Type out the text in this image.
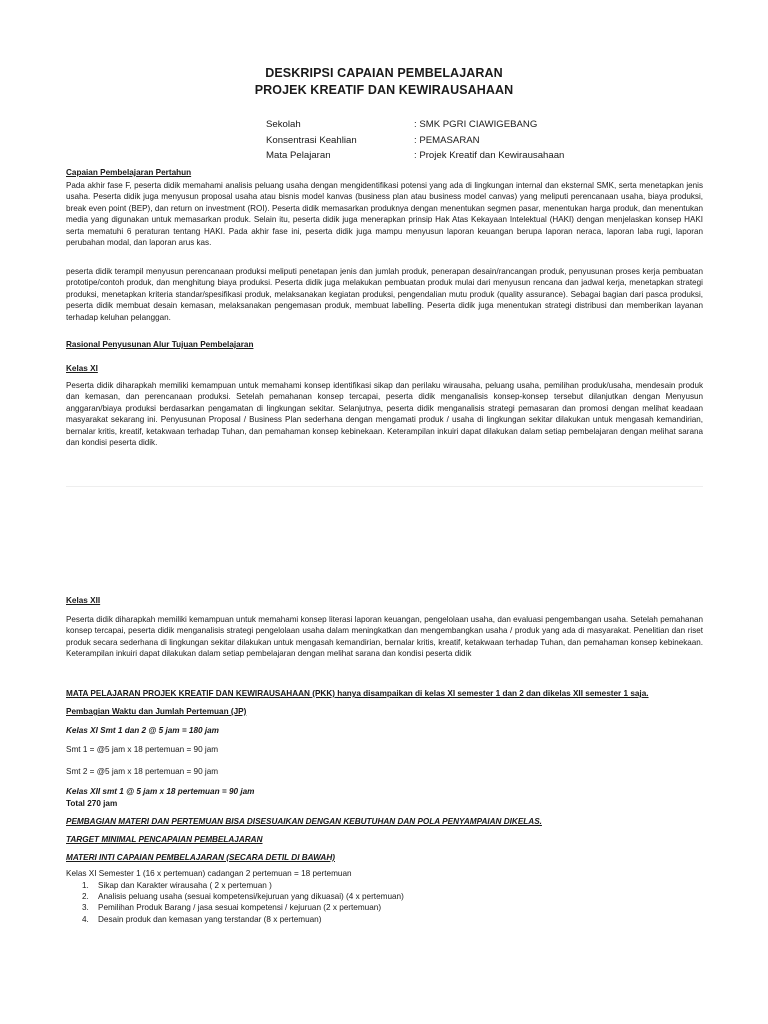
DESKRIPSI CAPAIAN PEMBELAJARAN
PROJEK KREATIF DAN KEWIRAUSAHAAN
Sekolah	: SMK PGRI CIAWIGEBANG
Konsentrasi Keahlian	: PEMASARAN
Mata Pelajaran	: Projek Kreatif dan Kewirausahaan
Capaian Pembelajaran Pertahun
Pada akhir fase F, peserta didik memahami analisis peluang usaha dengan mengidentifikasi potensi yang ada di lingkungan internal dan eksternal SMK, serta menetapkan jenis usaha. Peserta didik juga menyusun proposal usaha atau bisnis model kanvas (business plan atau business model canvas) yang meliputi perencanaan usaha, biaya produksi, break even point (BEP), dan return on investment (ROI). Peserta didik memasarkan produknya dengan menentukan segmen pasar, menentukan harga produk, dan menentukan media yang digunakan untuk memasarkan produk. Selain itu, peserta didik juga menerapkan prinsip Hak Atas Kekayaan Intelektual (HAKI) dengan menjelaskan konsep HAKI serta mematuhi 6 peraturan tentang HAKI. Pada akhir fase ini, peserta didik juga mampu menyusun laporan keuangan berupa laporan neraca, laporan laba rugi, laporan perubahan modal, dan laporan arus kas.
peserta didik terampil menyusun perencanaan produksi meliputi penetapan jenis dan jumlah produk, penerapan desain/rancangan produk, penyusunan proses kerja pembuatan prototipe/contoh produk, dan menghitung biaya produksi. Peserta didik juga melakukan pembuatan produk mulai dari menyusun rencana dan jadwal kerja, menetapkan strategi produksi, menetapkan kriteria standar/spesifikasi produk, melaksanakan kegiatan produksi, pengendalian mutu produk (quality assurance). Sebagai bagian dari pasca produksi, peserta didik membuat desain kemasan, melaksanakan pengemasan produk, membuat labelling. Peserta didik juga menentukan strategi distribusi dan memberikan layanan terhadap keluhan pelanggan.
Rasional Penyusunan Alur Tujuan Pembelajaran
Kelas XI
Peserta didik diharapkah memiliki kemampuan untuk memahami konsep identifikasi sikap dan perilaku wirausaha, peluang usaha, pemilihan produk/usaha, mendesain produk dan kemasan, dan perencanaan produksi. Setelah pemahanan konsep tercapai, peserta didik menganalisis konsep-konsep tersebut dilanjutkan dengan Menyusun anggaran/biaya produksi berdasarkan pengamatan di lingkungan sekitar. Selanjutnya, peserta didik menganalisis strategi pemasaran dan promosi dengan melihat keadaan masyarakat sekarang ini. Penyusunan Proposal / Business Plan sederhana dengan mengamati produk / usaha di lingkungan sekitar dilakukan untuk mengasah kemandirian, bernalar kritis, kreatif, ketakwaan terhadap Tuhan, dan pemahaman konsep kebinekaan. Keterampilan inkuiri dapat dilakukan dalam setiap pembelajaran dengan melihat sarana dan kondisi peserta didik.
Kelas XII
Peserta didik diharapkah memiliki kemampuan untuk memahami konsep literasi laporan keuangan, pengelolaan usaha, dan evaluasi pengembangan usaha. Setelah pemahanan konsep tercapai, peserta didik menganalisis strategi pengelolaan usaha dalam meningkatkan dan mengembangkan usaha / produk yang ada di masyarakat. Penelitian dan riset produk secara sederhana di lingkungan sekitar dilakukan untuk mengasah kemandirian, bernalar kritis, kreatif, ketakwaan terhadap Tuhan, dan pemahaman konsep kebinekaan. Keterampilan inkuiri dapat dilakukan dalam setiap pembelajaran dengan melihat sarana dan kondisi peserta didik
MATA PELAJARAN PROJEK KREATIF DAN KEWIRAUSAHAAN (PKK) hanya disampaikan di kelas XI semester 1 dan 2 dan dikelas XII semester 1 saja.
Pembagian Waktu dan Jumlah Pertemuan (JP)
Kelas XI Smt 1 dan 2 @ 5 jam = 180 jam
Smt 1 = @5 jam x 18 pertemuan = 90 jam
Smt 2 = @5 jam x 18 pertemuan = 90 jam
Kelas XII smt 1 @ 5 jam x 18 pertemuan = 90 jam
Total 270 jam
PEMBAGIAN MATERI DAN PERTEMUAN BISA DISESUAIKAN DENGAN KEBUTUHAN DAN POLA PENYAMPAIAN DIKELAS.
TARGET MINIMAL PENCAPAIAN PEMBELAJARAN
MATERI INTI CAPAIAN PEMBELAJARAN (SECARA DETIL DI BAWAH)
Kelas XI Semester 1 (16 x pertemuan) cadangan 2 pertemuan = 18 pertemuan
1. Sikap dan Karakter wirausaha ( 2 x pertemuan )
2. Analisis peluang usaha (sesuai kompetensi/kejuruan yang dikuasai) (4 x pertemuan)
3. Pemilihan Produk Barang / jasa sesuai kompetensi / kejuruan (2 x pertemuan)
4. Desain produk dan kemasan yang terstandar (8 x pertemuan)
